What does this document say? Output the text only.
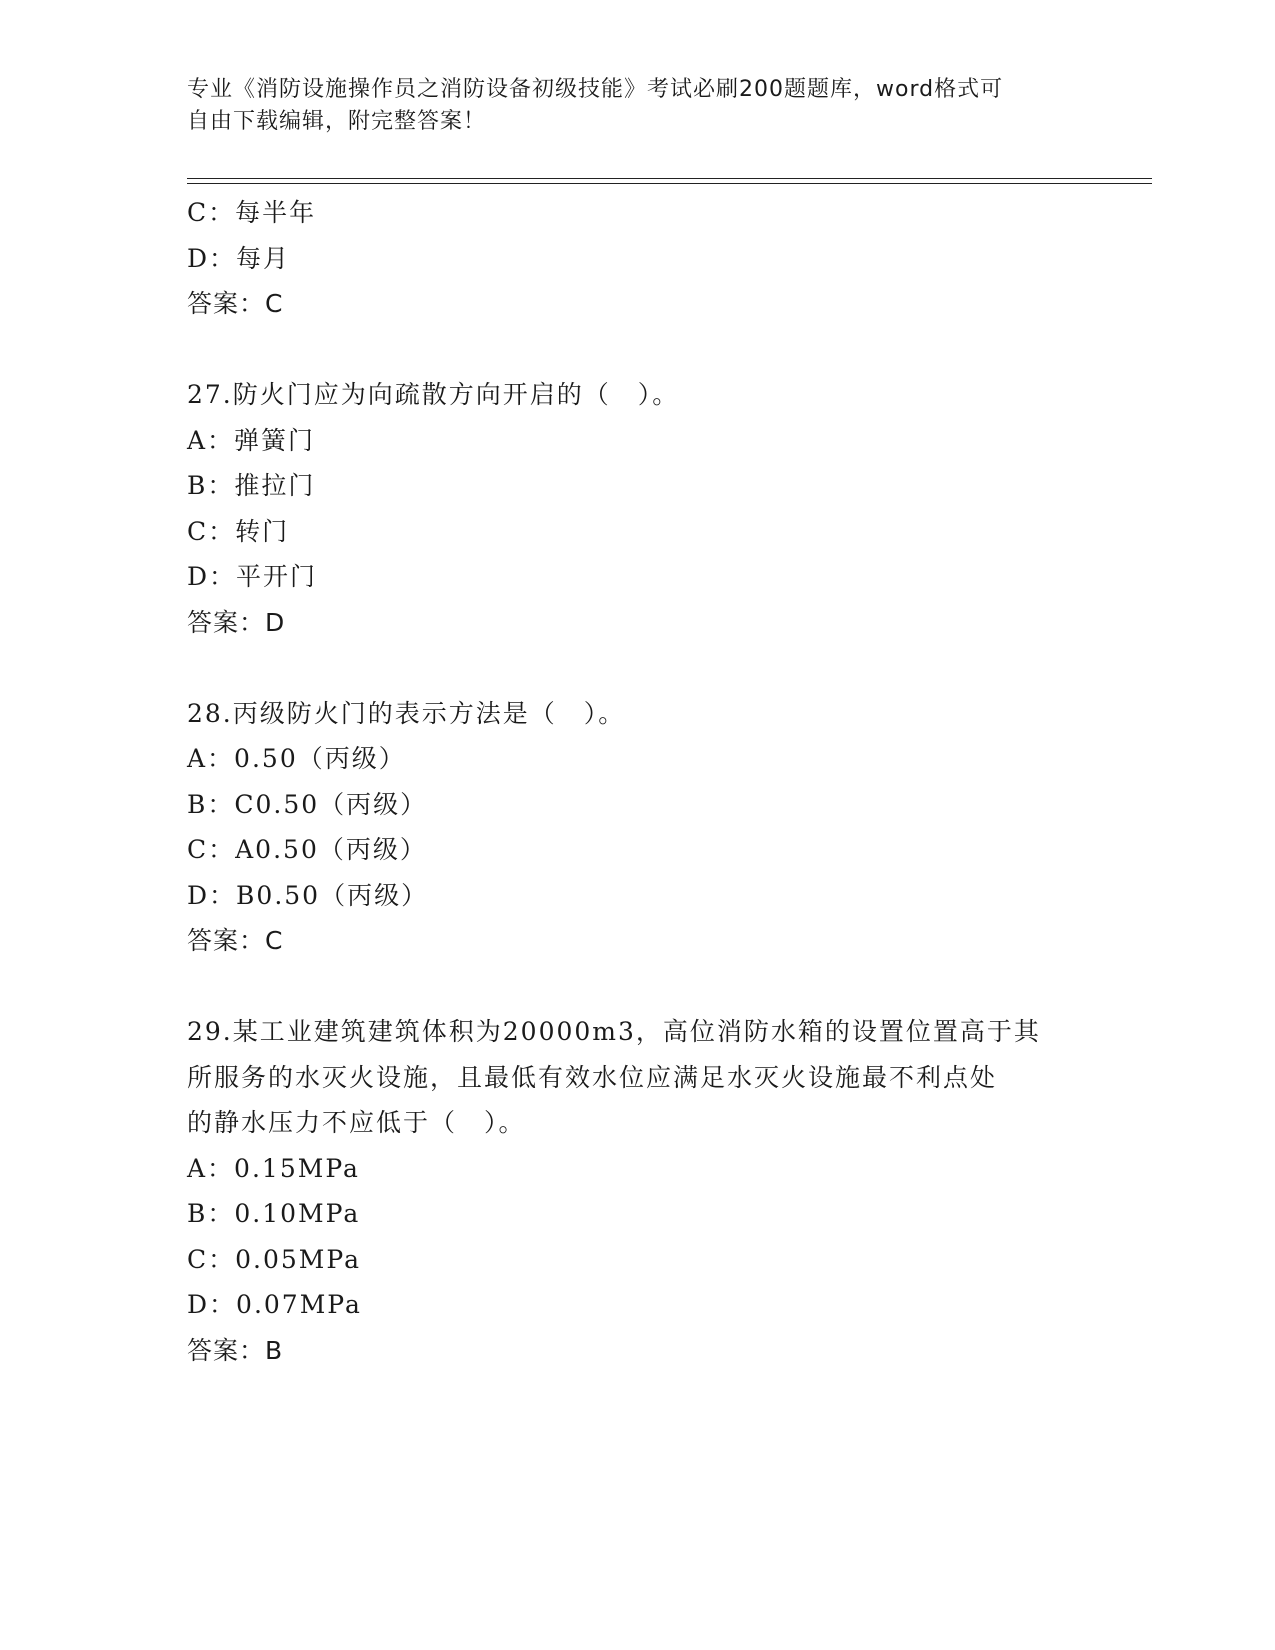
专业《消防设施操作员之消防设备初级技能》考试必刷200题题库，word格式可
自由下载编辑，附完整答案！
C：每半年
D：每月
答案：C
27.防火门应为向疏散方向开启的（　）。
A：弹簧门
B：推拉门
C：转门
D：平开门
答案：D
28.丙级防火门的表示方法是（　）。
A：0.50（丙级）
B：C0.50（丙级）
C：A0.50（丙级）
D：B0.50（丙级）
答案：C
29.某工业建筑建筑体积为20000m3，高位消防水箱的设置位置高于其
所服务的水灭火设施，且最低有效水位应满足水灭火设施最不利点处
的静水压力不应低于（　）。
A：0.15MPa
B：0.10MPa
C：0.05MPa
D：0.07MPa
答案：B
